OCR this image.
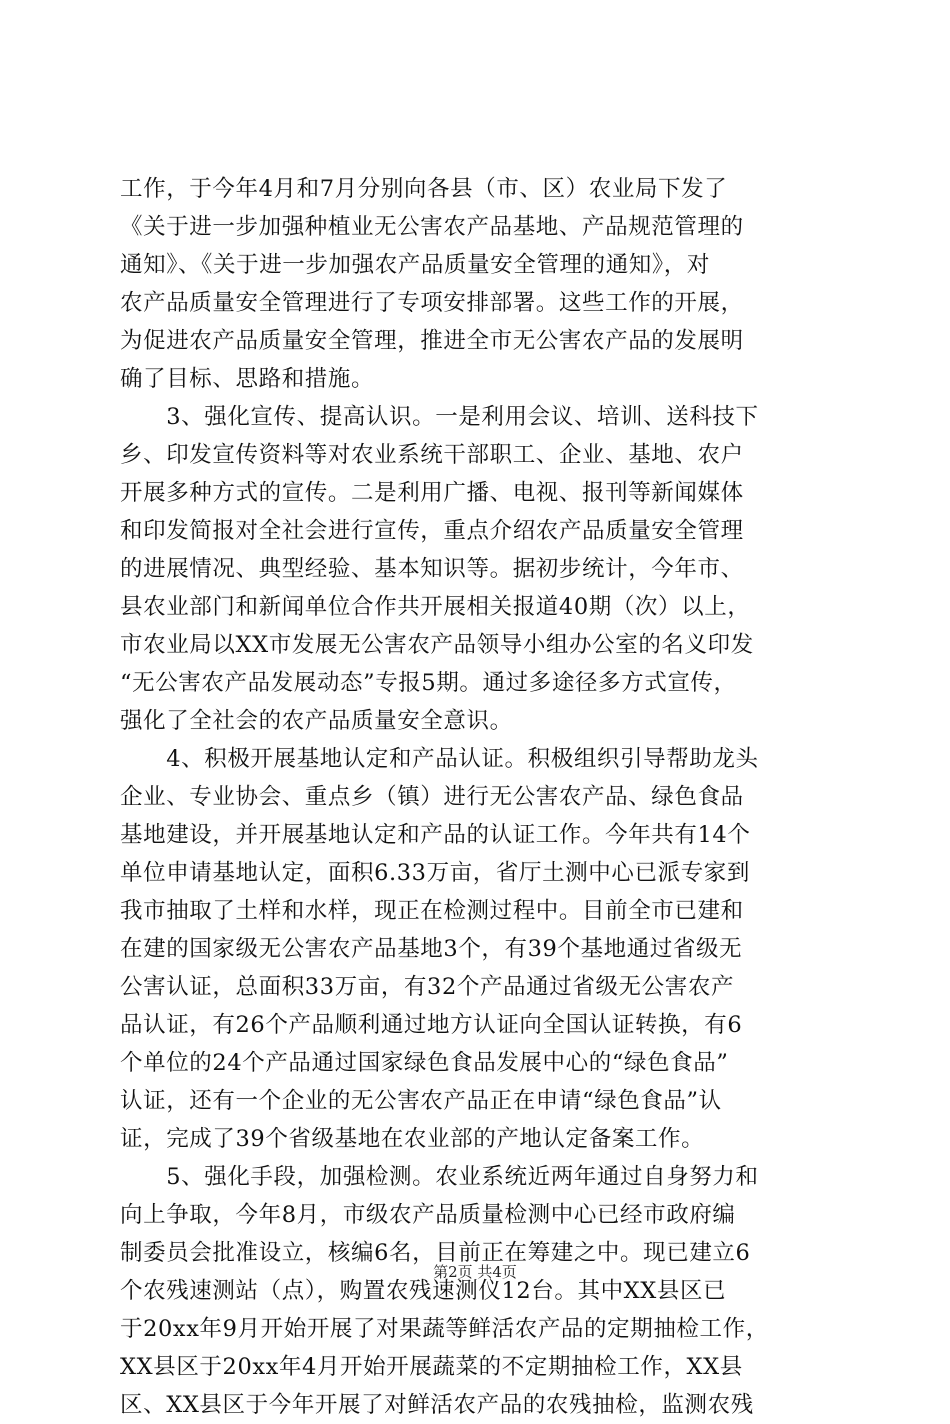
工作，于今年4月和7月分别向各县（市、区）农业局下发了
《关于进一步加强种植业无公害农产品基地、产品规范管理的
通知》、《关于进一步加强农产品质量安全管理的通知》，对
农产品质量安全管理进行了专项安排部署。这些工作的开展，
为促进农产品质量安全管理，推进全市无公害农产品的发展明
确了目标、思路和措施。
　　3、强化宣传、提高认识。一是利用会议、培训、送科技下
乡、印发宣传资料等对农业系统干部职工、企业、基地、农户
开展多种方式的宣传。二是利用广播、电视、报刊等新闻媒体
和印发简报对全社会进行宣传，重点介绍农产品质量安全管理
的进展情况、典型经验、基本知识等。据初步统计，今年市、
县农业部门和新闻单位合作共开展相关报道40期（次）以上，
市农业局以XX市发展无公害农产品领导小组办公室的名义印发
“无公害农产品发展动态”专报5期。通过多途径多方式宣传，
强化了全社会的农产品质量安全意识。
　　4、积极开展基地认定和产品认证。积极组织引导帮助龙头
企业、专业协会、重点乡（镇）进行无公害农产品、绿色食品
基地建设，并开展基地认定和产品的认证工作。今年共有14个
单位申请基地认定，面积6.33万亩，省厅土测中心已派专家到
我市抽取了土样和水样，现正在检测过程中。目前全市已建和
在建的国家级无公害农产品基地3个，有39个基地通过省级无
公害认证，总面积33万亩，有32个产品通过省级无公害农产
品认证，有26个产品顺利通过地方认证向全国认证转换，有6
个单位的24个产品通过国家绿色食品发展中心的“绿色食品”
认证，还有一个企业的无公害农产品正在申请“绿色食品”认
证，完成了39个省级基地在农业部的产地认定备案工作。
　　5、强化手段，加强检测。农业系统近两年通过自身努力和
向上争取，今年8月，市级农产品质量检测中心已经市政府编
制委员会批准设立，核编6名，目前正在筹建之中。现已建立6
个农残速测站（点），购置农残速测仪12台。其中XX县区已
于20xx年9月开始开展了对果蔬等鲜活农产品的定期抽检工作，
XX县区于20xx年4月开始开展蔬菜的不定期抽检工作，XX县
区、XX县区于今年开展了对鲜活农产品的农残抽检，监测农残
第2页 共4页
